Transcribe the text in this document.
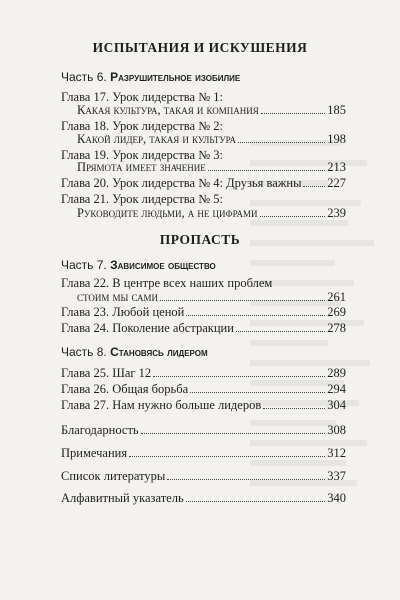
ИСПЫТАНИЯ И ИСКУШЕНИЯ
Часть 6. Разрушительное изобилие
Глава 17. Урок лидерства № 1:
Какая культура, такая и компания	185
Глава 18. Урок лидерства № 2:
Какой лидер, такая и культура	198
Глава 19. Урок лидерства № 3:
Прямота имеет значение	213
Глава 20. Урок лидерства № 4: Друзья важны 227
Глава 21. Урок лидерства № 5:
Руководите людьми, а не цифрами	239
ПРОПАСТЬ
Часть 7. Зависимое общество
Глава 22. В центре всех наших проблем
стоим мы сами	261
Глава 23. Любой ценой	269
Глава 24. Поколение абстракции	278
Часть 8. Становясь лидером
Глава 25. Шаг 12	289
Глава 26. Общая борьба	294
Глава 27. Нам нужно больше лидеров	304
Благодарность	308
Примечания	312
Список литературы	337
Алфавитный указатель	340
